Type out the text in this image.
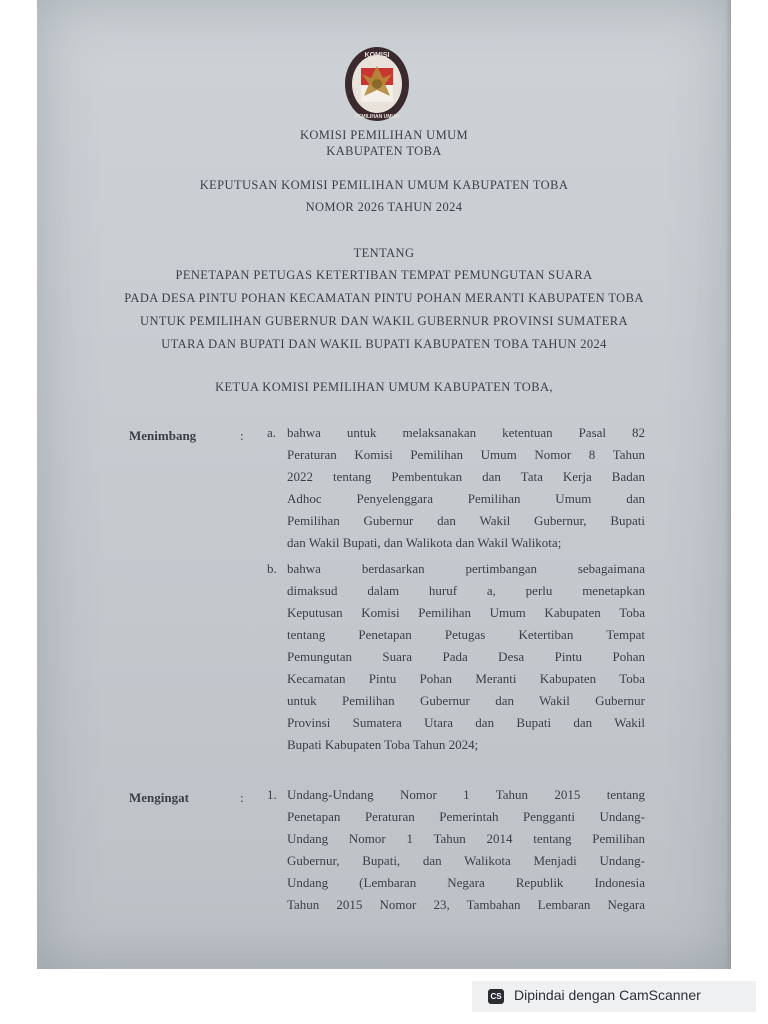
KOMISI
PEMILIHAN UMUM
KOMISI PEMILIHAN UMUM
KABUPATEN TOBA
KEPUTUSAN KOMISI PEMILIHAN UMUM KABUPATEN TOBA
NOMOR 2026 TAHUN 2024
TENTANG
PENETAPAN PETUGAS KETERTIBAN TEMPAT PEMUNGUTAN SUARA
PADA DESA PINTU POHAN KECAMATAN PINTU POHAN MERANTI KABUPATEN TOBA
UNTUK PEMILIHAN GUBERNUR DAN WAKIL GUBERNUR PROVINSI SUMATERA
UTARA DAN BUPATI DAN WAKIL BUPATI KABUPATEN TOBA TAHUN 2024
KETUA KOMISI PEMILIHAN UMUM KABUPATEN TOBA,
Menimbang	: a. bahwa untuk melaksanakan ketentuan Pasal 82
Peraturan Komisi Pemilihan Umum Nomor 8 Tahun
2022 tentang Pembentukan dan Tata Kerja Badan
Adhoc Penyelenggara Pemilihan Umum dan
Pemilihan Gubernur dan Wakil Gubernur, Bupati
dan Wakil Bupati, dan Walikota dan Wakil Walikota;
b. bahwa berdasarkan pertimbangan sebagaimana
dimaksud dalam huruf a, perlu menetapkan
Keputusan Komisi Pemilihan Umum Kabupaten Toba
tentang Penetapan Petugas Ketertiban Tempat
Pemungutan Suara Pada Desa Pintu Pohan
Kecamatan Pintu Pohan Meranti Kabupaten Toba
untuk Pemilihan Gubernur dan Wakil Gubernur
Provinsi Sumatera Utara dan Bupati dan Wakil
Bupati Kabupaten Toba Tahun 2024;
Mengingat	: 1. Undang-Undang Nomor 1 Tahun 2015 tentang
Penetapan Peraturan Pemerintah Pengganti Undang-
Undang Nomor 1 Tahun 2014 tentang Pemilihan
Gubernur, Bupati, dan Walikota Menjadi Undang-
Undang (Lembaran Negara Republik Indonesia
Tahun 2015 Nomor 23, Tambahan Lembaran Negara
CS Dipindai dengan CamScanner
